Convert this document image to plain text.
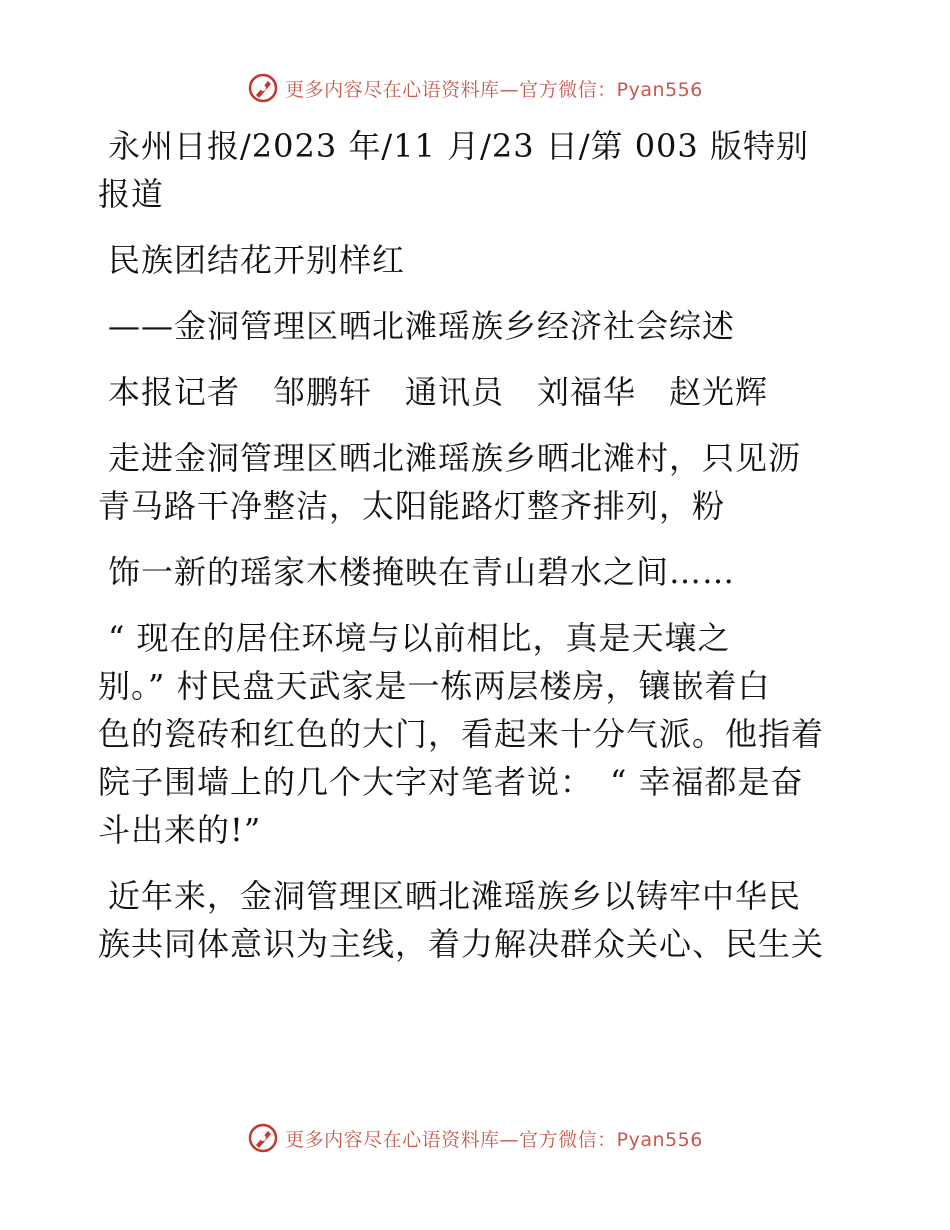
更多内容尽在心语资料库—官方微信：Pyan556

永州日报/2023 年/11 月/23 日/第 003 版特别
报道

民族团结花开别样红

——金洞管理区晒北滩瑶族乡经济社会综述

本报记者　邹鹏轩　通讯员　刘福华　赵光辉

走进金洞管理区晒北滩瑶族乡晒北滩村，只见沥
青马路干净整洁，太阳能路灯整齐排列，粉

饰一新的瑶家木楼掩映在青山碧水之间……

“ 现在的居住环境与以前相比，真是天壤之
别。” 村民盘天武家是一栋两层楼房，镶嵌着白
色的瓷砖和红色的大门，看起来十分气派。他指着
院子围墙上的几个大字对笔者说：　“ 幸福都是奋
斗出来的!”

近年来，金洞管理区晒北滩瑶族乡以铸牢中华民
族共同体意识为主线，着力解决群众关心、民生关

更多内容尽在心语资料库—官方微信：Pyan556
